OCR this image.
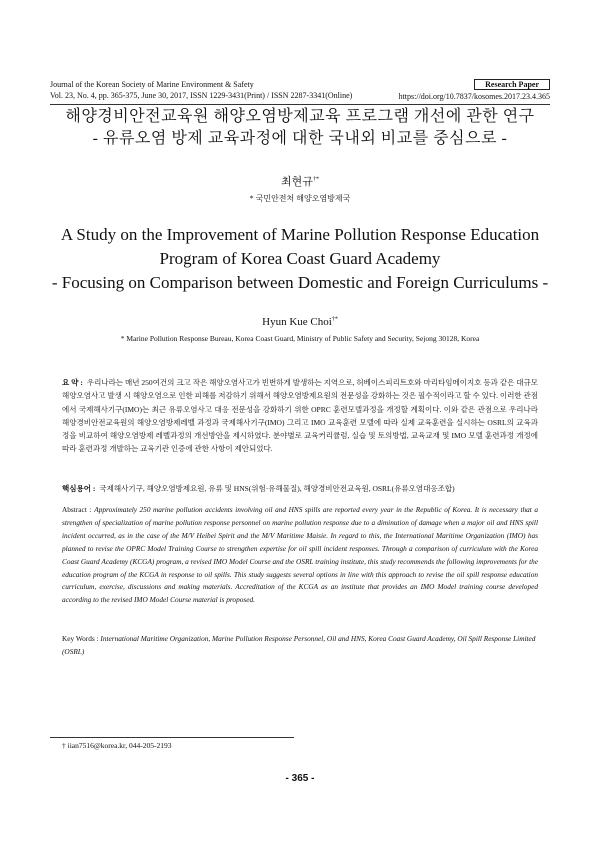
Journal of the Korean Society of Marine Environment & Safety
Vol. 23, No. 4, pp. 365-375, June 30, 2017, ISSN 1229-3431(Print) / ISSN 2287-3341(Online)
Research Paper
https://doi.org/10.7837/kosomes.2017.23.4.365
해양경비안전교육원 해양오염방제교육 프로그램 개선에 관한 연구
- 유류오염 방제 교육과정에 대한 국내외 비교를 중심으로 -
최현규†*
* 국민안전처 해양오염방제국
A Study on the Improvement of Marine Pollution Response Education
Program of Korea Coast Guard Academy
- Focusing on Comparison between Domestic and Foreign Curriculums -
Hyun Kue Choi†*
* Marine Pollution Response Bureau, Korea Coast Guard, Ministry of Public Safety and Security, Sejong 30128, Korea
요 약 : 우리나라는 매년 250여건의 크고 작은 해양오염사고가 빈번하게 발생하는 지역으로, 허베이스피리트호와 마리타임메이지호 등과 같은 대규모 해양오염사고 발생 시 해양오염으로 인한 피해를 저감하기 위해서 해양오염방제요원의 전문성을 강화하는 것은 필수적이라고 할 수 있다. 이러한 관점에서 국제해사기구(IMO)는 최근 유류오염사고 대응 전문성을 강화하기 위한 OPRC 훈련모델과정을 개정할 계획이다. 이와 같은 관점으로 우리나라 해양경비안전교육원의 해양오염방제레벨 과정과 국제해사기구(IMO) 그리고 IMO 교육훈련 모델에 따라 실제 교육훈련을 실시하는 OSRL의 교육과정을 비교하여 해양오염방제 레벨과정의 개선방안을 제시하였다. 분야별로 교육커리큘럼, 실습 및 토의방법, 교육교재 및 IMO 모델 훈련과정 개정에 따라 훈련과정 개발하는 교육기관 인증에 관한 사항이 제안되었다.
핵심용어 : 국제해사기구, 해양오염방제요원, 유류 및 HNS(위험·유해물질), 해양경비안전교육원, OSRL(유류오염대응조합)
Abstract : Approximately 250 marine pollution accidents involving oil and HNS spills are reported every year in the Republic of Korea. It is necessary that a strengthen of specialization of marine pollution response personnel on marine pollution response due to a diminution of damage when a major oil and HNS spill incident occurred, as in the case of the M/V Heibei Spirit and the M/V Maritime Maisie. In regard to this, the International Maritime Organization (IMO) has planned to revise the OPRC Model Training Course to strengthen expertise for oil spill incident responses. Through a comparison of curriculum with the Korea Coast Guard Academy (KCGA) program, a revised IMO Model Course and the OSRL training institute, this study recommends the following improvements for the education program of the KCGA in response to oil spills. This study suggests several options in line with this approach to revise the oil spill response education curriculum, exercise, discussions and making materials. Accreditation of the KCGA as an institute that provides an IMO Model training course developed according to the revised IMO Model Course material is proposed.
Key Words : International Maritime Organization, Marine Pollution Response Personnel, Oil and HNS, Korea Coast Guard Academy, Oil Spill Response Limited (OSRL)
† iian7516@korea.kr, 044-205-2193
- 365 -
